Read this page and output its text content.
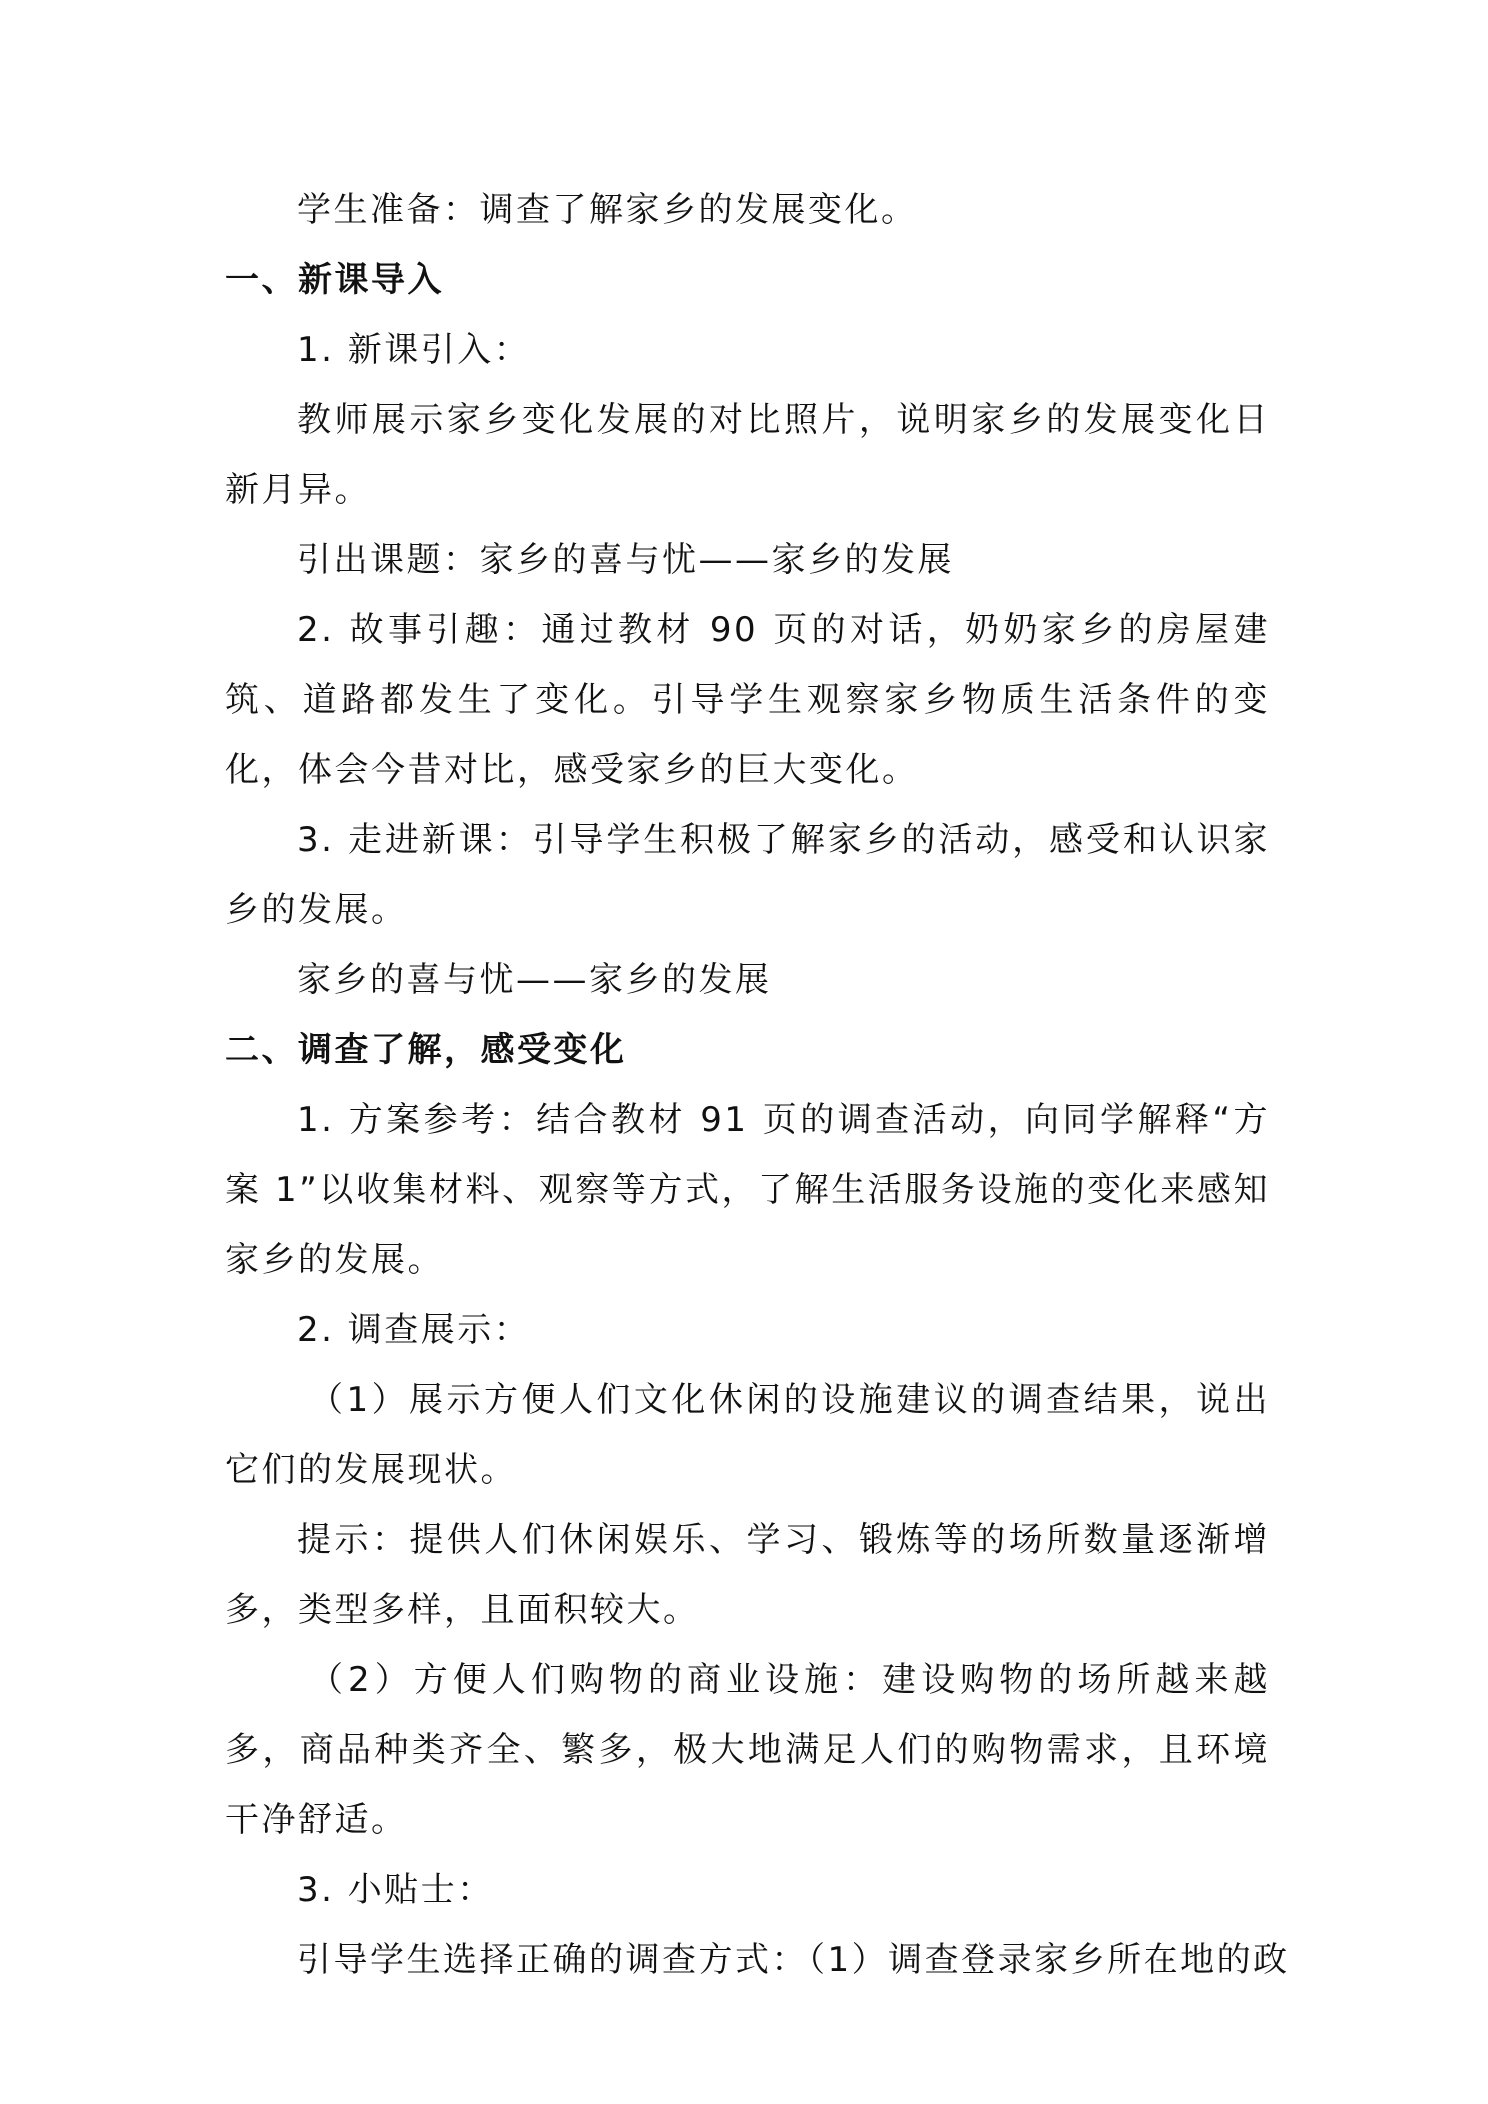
学生准备：调查了解家乡的发展变化。
一、新课导入
1. 新课引入：
教师展示家乡变化发展的对比照片，说明家乡的发展变化日新月异。
引出课题：家乡的喜与忧——家乡的发展
2. 故事引趣：通过教材 90 页的对话，奶奶家乡的房屋建筑、道路都发生了变化。引导学生观察家乡物质生活条件的变化，体会今昔对比，感受家乡的巨大变化。
3. 走进新课：引导学生积极了解家乡的活动，感受和认识家乡的发展。
家乡的喜与忧——家乡的发展
二、调查了解，感受变化
1. 方案参考：结合教材 91 页的调查活动，向同学解释“方案 1”以收集材料、观察等方式，了解生活服务设施的变化来感知家乡的发展。
2. 调查展示：
（1）展示方便人们文化休闲的设施建议的调查结果，说出它们的发展现状。
提示：提供人们休闲娱乐、学习、锻炼等的场所数量逐渐增多，类型多样，且面积较大。
（2）方便人们购物的商业设施：建设购物的场所越来越多，商品种类齐全、繁多，极大地满足人们的购物需求，且环境干净舒适。
3. 小贴士：
引导学生选择正确的调查方式：（1）调查登录家乡所在地的政
